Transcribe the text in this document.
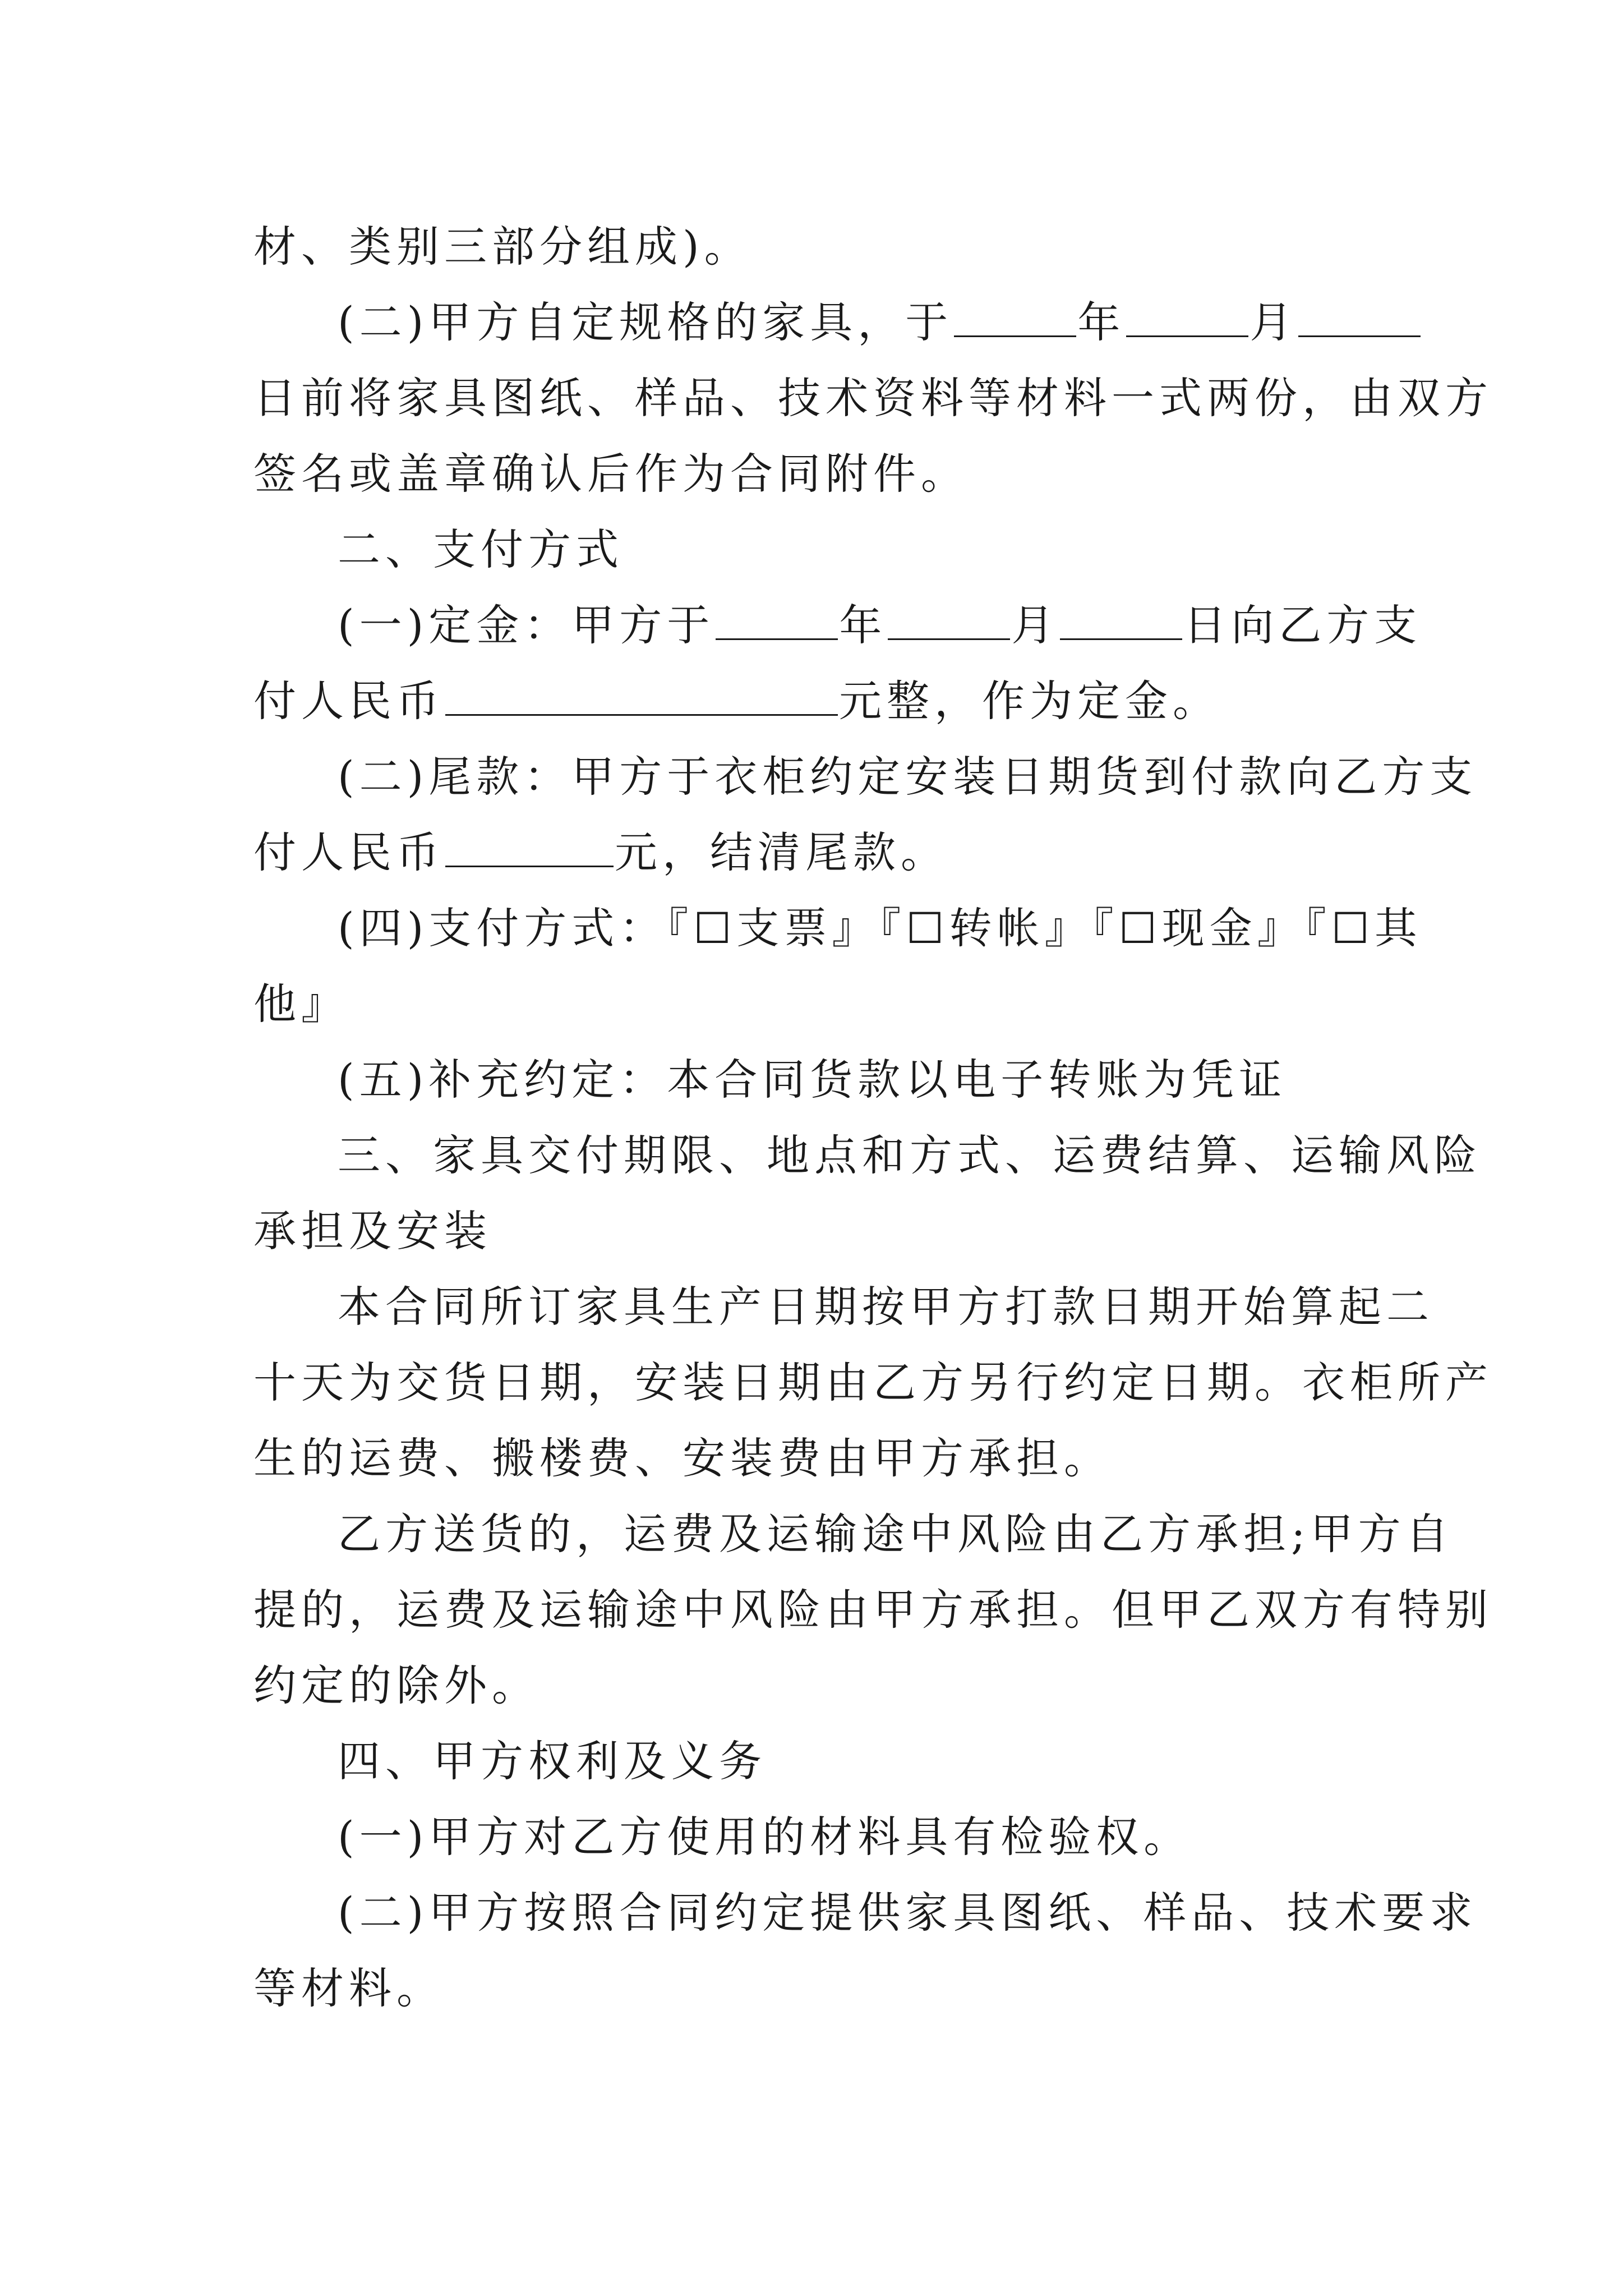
材、类别三部分组成)。
(二)甲方自定规格的家具，于	年	月
日前将家具图纸、样品、技术资料等材料一式两份，由双方
签名或盖章确认后作为合同附件。
二、支付方式
(一)定金：甲方于	年	月	日向乙方支
付人民币	元整，作为定金。
(二)尾款：甲方于衣柜约定安装日期货到付款向乙方支
付人民币	元，结清尾款。
(四)支付方式：『☐支票』『☐转帐』『☐现金』『☐其
他』
(五)补充约定：本合同货款以电子转账为凭证
三、家具交付期限、地点和方式、运费结算、运输风险
承担及安装
本合同所订家具生产日期按甲方打款日期开始算起二
十天为交货日期，安装日期由乙方另行约定日期。衣柜所产
生的运费、搬楼费、安装费由甲方承担。
乙方送货的，运费及运输途中风险由乙方承担;甲方自
提的，运费及运输途中风险由甲方承担。但甲乙双方有特别
约定的除外。
四、甲方权利及义务
(一)甲方对乙方使用的材料具有检验权。
(二)甲方按照合同约定提供家具图纸、样品、技术要求
等材料。
